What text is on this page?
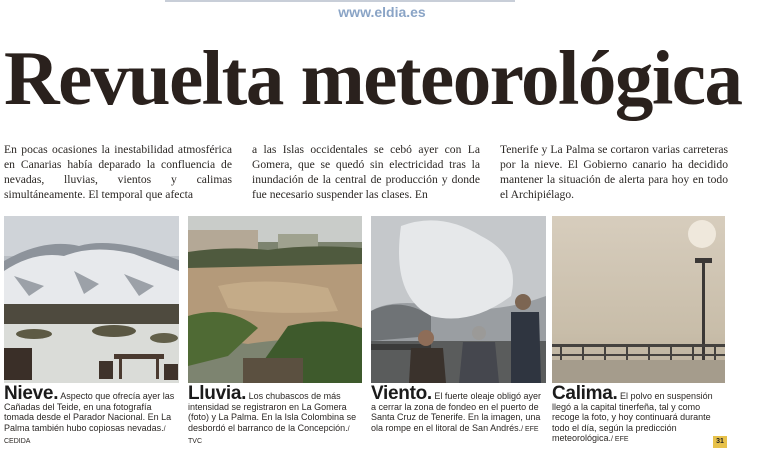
www.eldia.es
Revuelta meteorológica
En pocas ocasiones la inestabilidad atmosférica en Canarias había deparado la confluencia de nevadas, lluvias, vientos y calimas simultáneamente. El temporal que afecta
a las Islas occidentales se cebó ayer con La Gomera, que se quedó sin electricidad tras la inundación de la central de producción y donde fue necesario suspender las clases. En
Tenerife y La Palma se cortaron varias carreteras por la nieve. El Gobierno canario ha decidido mantener la situación de alerta para hoy en todo el Archipiélago.
Nieve. Aspecto que ofrecía ayer las Cañadas del Teide, en una fotografía tomada desde el Parador Nacional. En La Palma también hubo copiosas nevadas./ CEDIDA
Lluvia. Los chubascos de más intensidad se registraron en La Gomera (foto) y La Palma. En la Isla Colombina se desbordó el barranco de la Concepción./ TVC
Viento. El fuerte oleaje obligó ayer a cerrar la zona de fondeo en el puerto de Santa Cruz de Tenerife. En la imagen, una ola rompe en el litoral de San Andrés./ EFE
Calima. El polvo en suspensión llegó a la capital tinerfeña, tal y como recoge la foto, y hoy continuará durante todo el día, según la predicción meteorológica./ EFE	31
